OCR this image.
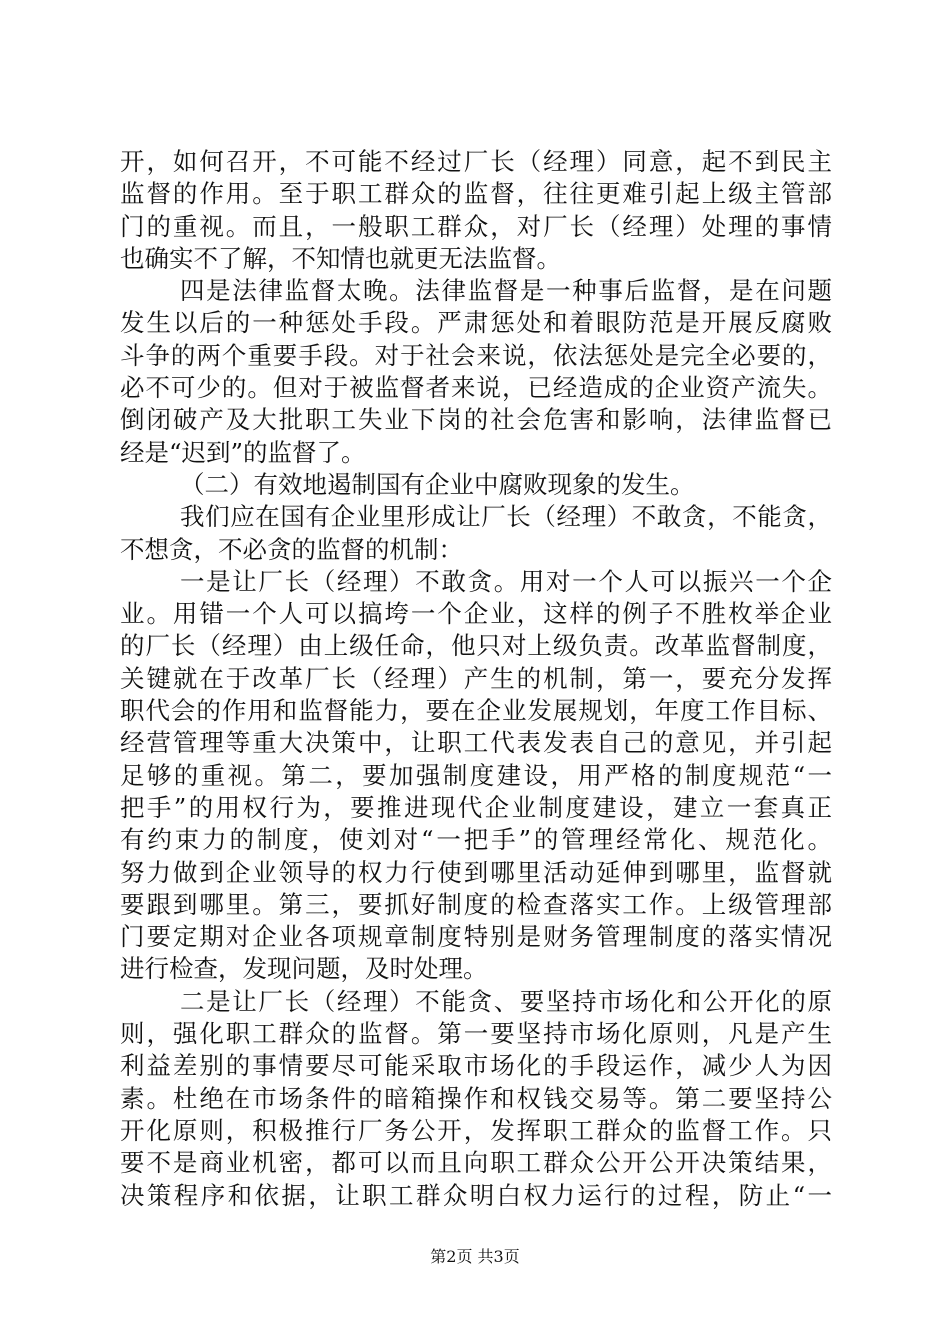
开，如何召开，不可能不经过厂长（经理）同意，起不到民主
监督的作用。至于职工群众的监督，往往更难引起上级主管部
门的重视。而且，一般职工群众，对厂长（经理）处理的事情
也确实不了解，不知情也就更无法监督。
四是法律监督太晚。法律监督是一种事后监督，是在问题
发生以后的一种惩处手段。严肃惩处和着眼防范是开展反腐败
斗争的两个重要手段。对于社会来说，依法惩处是完全必要的，
必不可少的。但对于被监督者来说，已经造成的企业资产流失。
倒闭破产及大批职工失业下岗的社会危害和影响，法律监督已
经是“迟到”的监督了。
（二）有效地遏制国有企业中腐败现象的发生。
我们应在国有企业里形成让厂长（经理）不敢贪，不能贪，
不想贪，不必贪的监督的机制：
一是让厂长（经理）不敢贪。用对一个人可以振兴一个企
业。用错一个人可以搞垮一个企业，这样的例子不胜枚举企业
的厂长（经理）由上级任命，他只对上级负责。改革监督制度，
关键就在于改革厂长（经理）产生的机制，第一，要充分发挥
职代会的作用和监督能力，要在企业发展规划，年度工作目标、
经营管理等重大决策中，让职工代表发表自己的意见，并引起
足够的重视。第二，要加强制度建设，用严格的制度规范“一
把手”的用权行为，要推进现代企业制度建设，建立一套真正
有约束力的制度，使刘对“一把手”的管理经常化、规范化。
努力做到企业领导的权力行使到哪里活动延伸到哪里，监督就
要跟到哪里。第三，要抓好制度的检查落实工作。上级管理部
门要定期对企业各项规章制度特别是财务管理制度的落实情况
进行检查，发现问题，及时处理。
二是让厂长（经理）不能贪、要坚持市场化和公开化的原
则，强化职工群众的监督。第一要坚持市场化原则，凡是产生
利益差别的事情要尽可能采取市场化的手段运作，减少人为因
素。杜绝在市场条件的暗箱操作和权钱交易等。第二要坚持公
开化原则，积极推行厂务公开，发挥职工群众的监督工作。只
要不是商业机密，都可以而且向职工群众公开公开决策结果，
决策程序和依据，让职工群众明白权力运行的过程，防止“一
第2页 共3页
